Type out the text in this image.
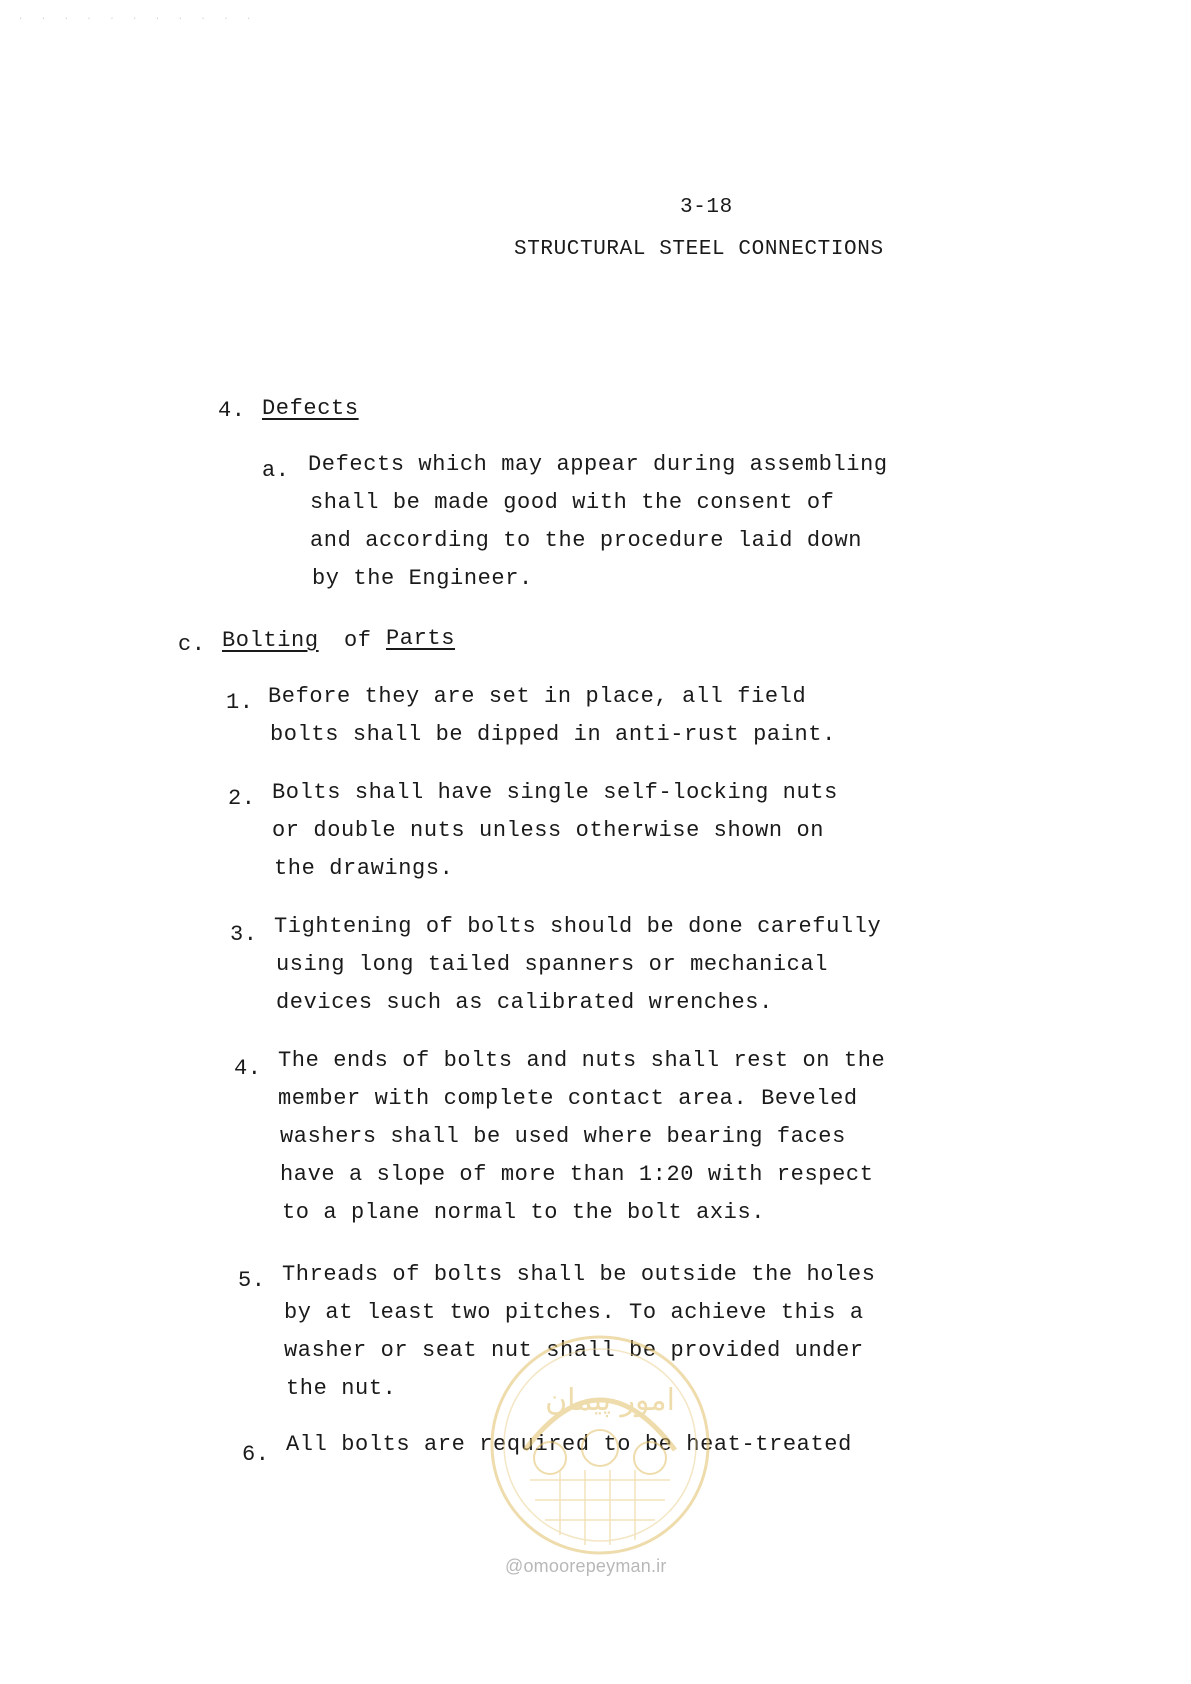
· · · · · · · · · · ·
3-18
STRUCTURAL STEEL CONNECTIONS
4. Defects
a. Defects which may appear during assembling
shall be made good with the consent of
and according to the procedure laid down
by the Engineer.
c. Bolting of Parts
1. Before they are set in place, all field
bolts shall be dipped in anti-rust paint.
2. Bolts shall have single self-locking nuts
or double nuts unless otherwise shown on
the drawings.
3. Tightening of bolts should be done carefully
using long tailed spanners or mechanical
devices such as calibrated wrenches.
4. The ends of bolts and nuts shall rest on the
member with complete contact area. Beveled
washers shall be used where bearing faces
have a slope of more than 1:20 with respect
to a plane normal to the bolt axis.
5. Threads of bolts shall be outside the holes
by at least two pitches. To achieve this a
washer or seat nut shall be provided under
the nut.
6. All bolts are required to be heat-treated
امور پیمان
@omoorepeyman.ir
